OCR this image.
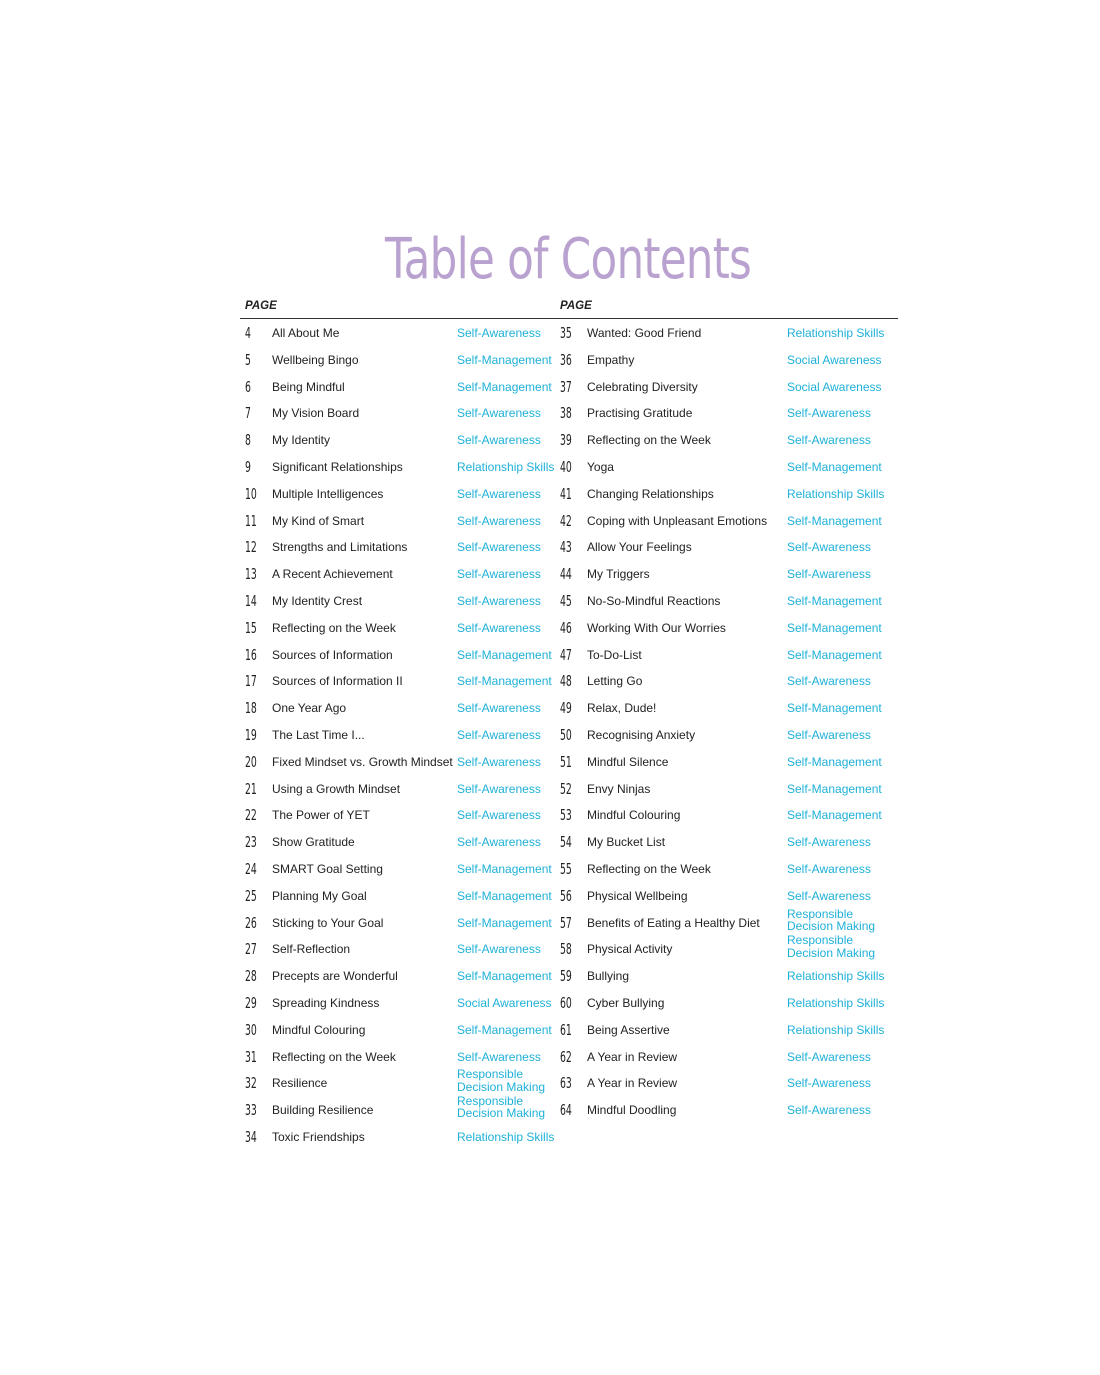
Table of Contents
PAGE	PAGE
4 All About Me	Self-Awareness
5 Wellbeing Bingo	Self-Management
6 Being Mindful	Self-Management
7 My Vision Board	Self-Awareness
8 My Identity	Self-Awareness
9 Significant Relationships	Relationship Skills
10 Multiple Intelligences	Self-Awareness
11 My Kind of Smart	Self-Awareness
12 Strengths and Limitations	Self-Awareness
13 A Recent Achievement	Self-Awareness
14 My Identity Crest	Self-Awareness
15 Reflecting on the Week	Self-Awareness
16 Sources of Information	Self-Management
17 Sources of Information II	Self-Management
18 One Year Ago	Self-Awareness
19 The Last Time I...	Self-Awareness
20 Fixed Mindset vs. Growth Mindset Self-Awareness
21 Using a Growth Mindset	Self-Awareness
22 The Power of YET	Self-Awareness
23 Show Gratitude	Self-Awareness
24 SMART Goal Setting	Self-Management
25 Planning My Goal	Self-Management
26 Sticking to Your Goal	Self-Management
27 Self-Reflection	Self-Awareness
28 Precepts are Wonderful	Self-Management
29 Spreading Kindness	Social Awareness
30 Mindful Colouring	Self-Management
31 Reflecting on the Week	Self-Awareness
32 Resilience
Responsible Decision Making
33 Building Resilience
Responsible Decision Making
34 Toxic Friendships	Relationship Skills
35 Wanted: Good Friend	Relationship Skills
36 Empathy	Social Awareness
37 Celebrating Diversity	Social Awareness
38 Practising Gratitude	Self-Awareness
39 Reflecting on the Week	Self-Awareness
40 Yoga	Self-Management
41 Changing Relationships	Relationship Skills
42 Coping with Unpleasant Emotions Self-Management
43 Allow Your Feelings	Self-Awareness
44 My Triggers	Self-Awareness
45 No-So-Mindful Reactions	Self-Management
46 Working With Our Worries	Self-Management
47 To-Do-List	Self-Management
48 Letting Go	Self-Awareness
49 Relax, Dude!	Self-Management
50 Recognising Anxiety	Self-Awareness
51 Mindful Silence	Self-Management
52 Envy Ninjas	Self-Management
53 Mindful Colouring	Self-Management
54 My Bucket List	Self-Awareness
55 Reflecting on the Week	Self-Awareness
56 Physical Wellbeing	Self-Awareness
57 Benefits of Eating a Healthy Diet
Responsible Decision Making
58 Physical Activity
Responsible Decision Making
59 Bullying	Relationship Skills
60 Cyber Bullying	Relationship Skills
61 Being Assertive	Relationship Skills
62 A Year in Review	Self-Awareness
63 A Year in Review	Self-Awareness
64 Mindful Doodling	Self-Awareness
